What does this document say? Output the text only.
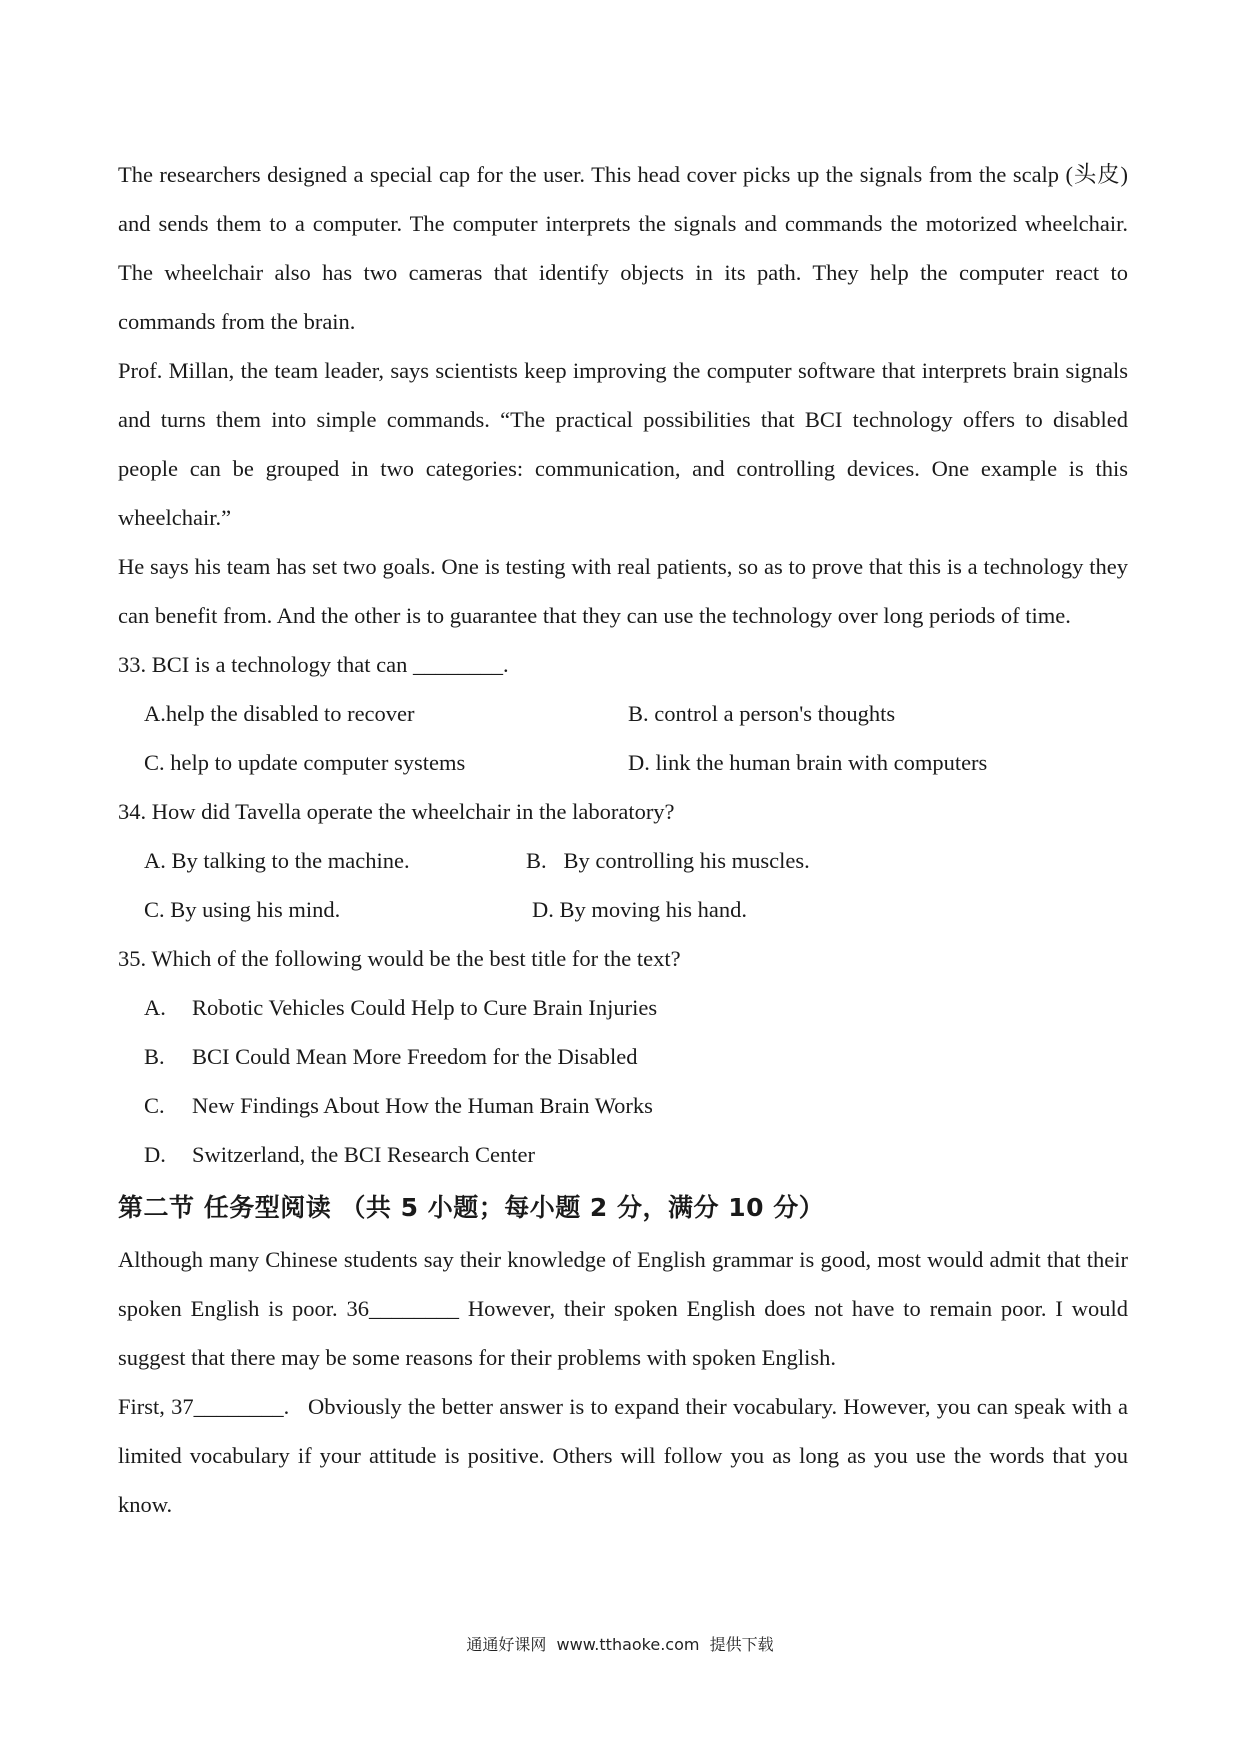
The researchers designed a special cap for the user. This head cover picks up the signals from the scalp (头皮) and sends them to a computer. The computer interprets the signals and commands the motorized wheelchair. The wheelchair also has two cameras that identify objects in its path. They help the computer react to commands from the brain.

Prof. Millan, the team leader, says scientists keep improving the computer software that interprets brain signals and turns them into simple commands. “The practical possibilities that BCI technology offers to disabled people can be grouped in two categories: communication, and controlling devices. One example is this wheelchair.”

He says his team has set two goals. One is testing with real patients, so as to prove that this is a technology they can benefit from. And the other is to guarantee that they can use the technology over long periods of time.

33. BCI is a technology that can ________.

A.help the disabled to recover	B. control a person's thoughts
C. help to update computer systems	D. link the human brain with computers

34. How did Tavella operate the wheelchair in the laboratory?

A. By talking to the machine.	B.   By controlling his muscles.
C. By using his mind.	D. By moving his hand.

35. Which of the following would be the best title for the text?

A.	Robotic Vehicles Could Help to Cure Brain Injuries
B.	BCI Could Mean More Freedom for the Disabled
C.	New Findings About How the Human Brain Works
D.	Switzerland, the BCI Research Center
第二节 任务型阅读 （共 5 小题；每小题 2 分，满分 10 分）

Although many Chinese students say their knowledge of English grammar is good, most would admit that their spoken English is poor. 36________ However, their spoken English does not have to remain poor. I would suggest that there may be some reasons for their problems with spoken English.

First, 37________.   Obviously the better answer is to expand their vocabulary. However, you can speak with a limited vocabulary if your attitude is positive. Others will follow you as long as you use the words that you know.

通通好课网  www.tthaoke.com  提供下载
